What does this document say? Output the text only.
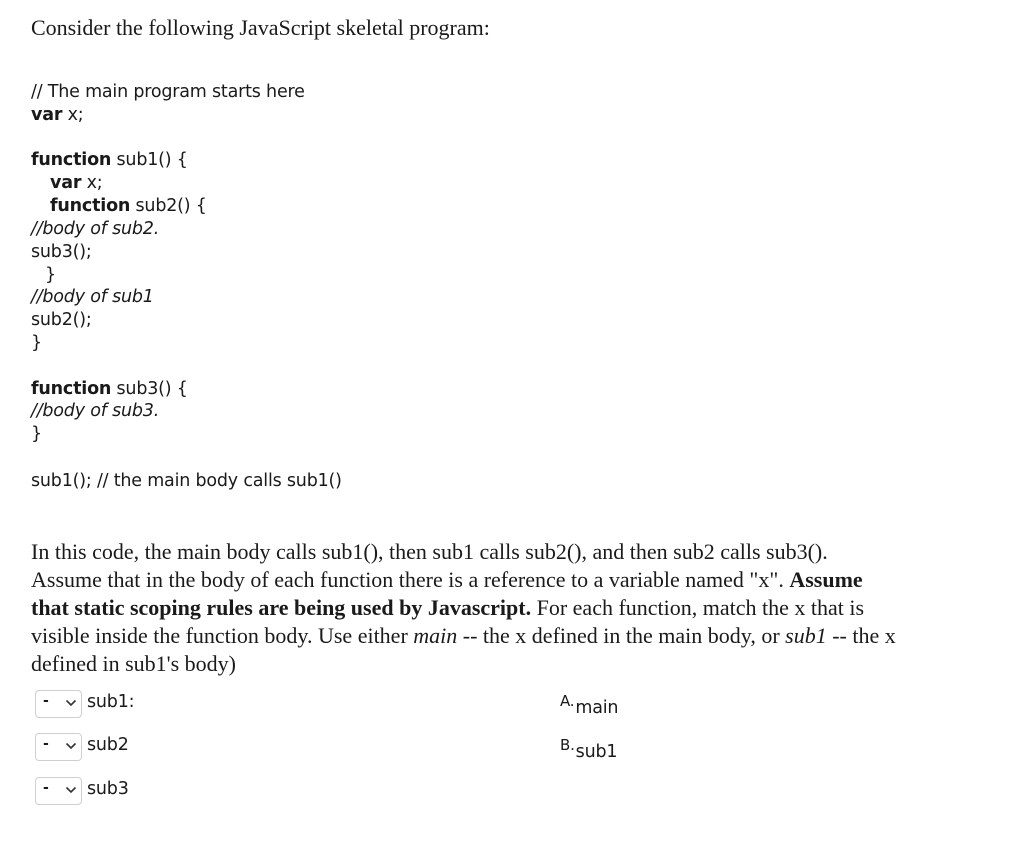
Consider the following JavaScript skeletal program:
// The main program starts here
var x;
function sub1() {
var x;
function sub2() {
//body of sub2.
sub3();
}
//body of sub1
sub2();
}
function sub3() {
//body of sub3.
}
sub1(); // the main body calls sub1()
In this code, the main body calls sub1(), then sub1 calls sub2(), and then sub2 calls sub3(). Assume that in the body of each function there is a reference to a variable named "x". Assume that static scoping rules are being used by Javascript. For each function, match the x that is visible inside the function body. Use either main -- the x defined in the main body, or sub1 -- the x defined in sub1's body)
- sub1:
- sub2
- sub3
A.main
B.sub1
